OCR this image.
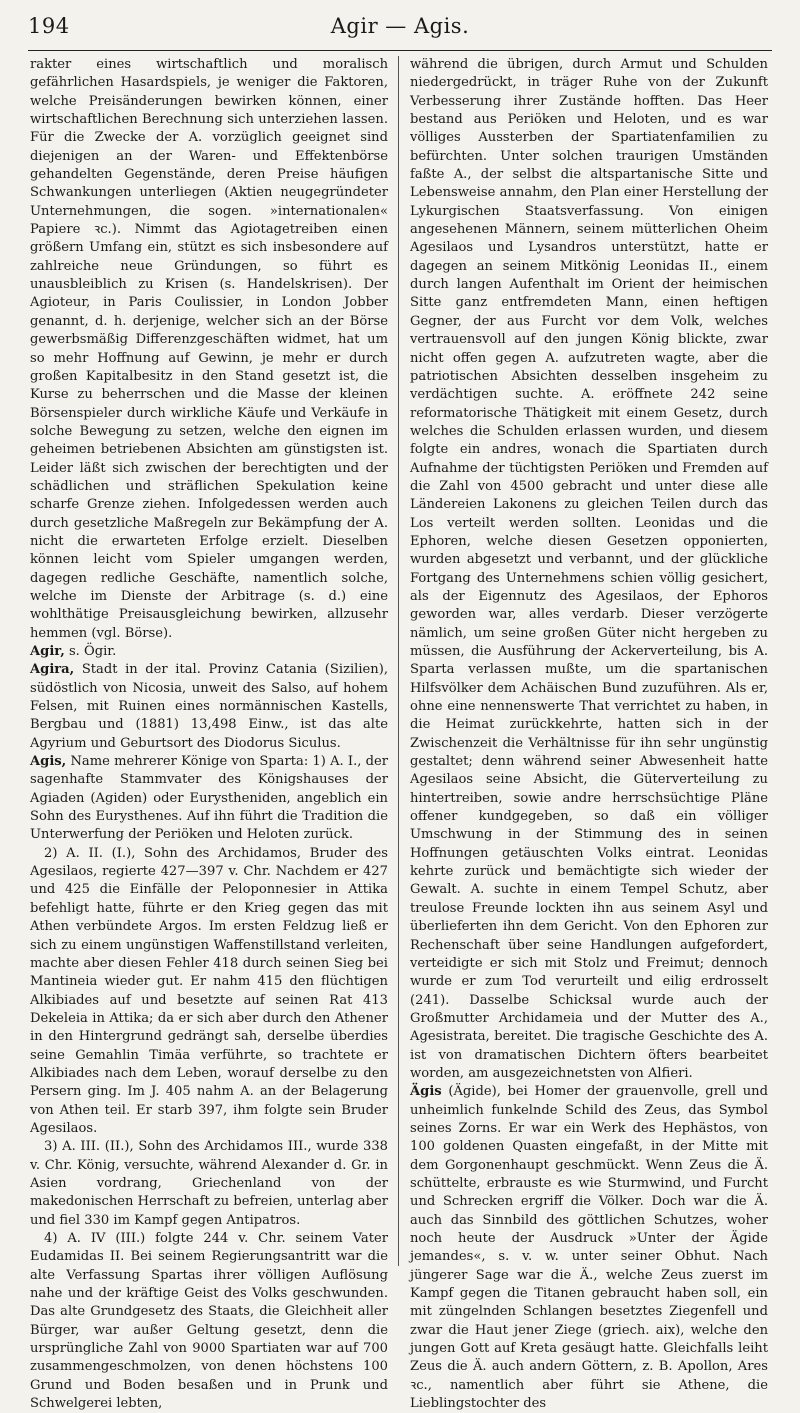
194	Agir — Agis.

rakter eines wirtschaftlich und moralisch gefährlichen Hasardspiels, je weniger die Faktoren, welche Preisänderungen bewirken können, einer wirtschaftlichen Berechnung sich unterziehen lassen. Für die Zwecke der A. vorzüglich geeignet sind diejenigen an der Waren- und Effektenbörse gehandelten Gegenstände, deren Preise häufigen Schwankungen unterliegen (Aktien neugegründeter Unternehmungen, die sogen. »internationalen« Papiere ꝛc.). Nimmt das Agiotagetreiben einen größern Umfang ein, stützt es sich insbesondere auf zahlreiche neue Gründungen, so führt es unausbleiblich zu Krisen (s. Handelskrisen). Der Agioteur, in Paris Coulissier, in London Jobber genannt, d. h. derjenige, welcher sich an der Börse gewerbsmäßig Differenzgeschäften widmet, hat um so mehr Hoffnung auf Gewinn, je mehr er durch großen Kapitalbesitz in den Stand gesetzt ist, die Kurse zu beherrschen und die Masse der kleinen Börsenspieler durch wirkliche Käufe und Verkäufe in solche Bewegung zu setzen, welche den eignen im geheimen betriebenen Absichten am günstigsten ist. Leider läßt sich zwischen der berechtigten und der schädlichen und sträflichen Spekulation keine scharfe Grenze ziehen. Infolgedessen werden auch durch gesetzliche Maßregeln zur Bekämpfung der A. nicht die erwarteten Erfolge erzielt. Dieselben können leicht vom Spieler umgangen werden, dagegen redliche Geschäfte, namentlich solche, welche im Dienste der Arbitrage (s. d.) eine wohlthätige Preisausgleichung bewirken, allzusehr hemmen (vgl. Börse).

Agir, s. Ögir.

Agira, Stadt in der ital. Provinz Catania (Sizilien), südöstlich von Nicosia, unweit des Salso, auf hohem Felsen, mit Ruinen eines normännischen Kastells, Bergbau und (1881) 13,498 Einw., ist das alte Agyrium und Geburtsort des Diodorus Siculus.

Agis, Name mehrerer Könige von Sparta: 1) A. I., der sagenhafte Stammvater des Königshauses der Agiaden (Agiden) oder Eurystheniden, angeblich ein Sohn des Eurysthenes. Auf ihn führt die Tradition die Unterwerfung der Periöken und Heloten zurück.

2) A. II. (I.), Sohn des Archidamos, Bruder des Agesilaos, regierte 427—397 v. Chr. Nachdem er 427 und 425 die Einfälle der Peloponnesier in Attika befehligt hatte, führte er den Krieg gegen das mit Athen verbündete Argos. Im ersten Feldzug ließ er sich zu einem ungünstigen Waffenstillstand verleiten, machte aber diesen Fehler 418 durch seinen Sieg bei Mantineia wieder gut. Er nahm 415 den flüchtigen Alkibiades auf und besetzte auf seinen Rat 413 Dekeleia in Attika; da er sich aber durch den Athener in den Hintergrund gedrängt sah, derselbe überdies seine Gemahlin Timäa verführte, so trachtete er Alkibiades nach dem Leben, worauf derselbe zu den Persern ging. Im J. 405 nahm A. an der Belagerung von Athen teil. Er starb 397, ihm folgte sein Bruder Agesilaos.

3) A. III. (II.), Sohn des Archidamos III., wurde 338 v. Chr. König, versuchte, während Alexander d. Gr. in Asien vordrang, Griechenland von der makedonischen Herrschaft zu befreien, unterlag aber und fiel 330 im Kampf gegen Antipatros.

4) A. IV (III.) folgte 244 v. Chr. seinem Vater Eudamidas II. Bei seinem Regierungsantritt war die alte Verfassung Spartas ihrer völligen Auflösung nahe und der kräftige Geist des Volks geschwunden. Das alte Grundgesetz des Staats, die Gleichheit aller Bürger, war außer Geltung gesetzt, denn die ursprüngliche Zahl von 9000 Spartiaten war auf 700 zusammengeschmolzen, von denen höchstens 100 Grund und Boden besaßen und in Prunk und Schwelgerei lebten,

während die übrigen, durch Armut und Schulden niedergedrückt, in träger Ruhe von der Zukunft Verbesserung ihrer Zustände hofften. Das Heer bestand aus Periöken und Heloten, und es war völliges Aussterben der Spartiatenfamilien zu befürchten. Unter solchen traurigen Umständen faßte A., der selbst die altspartanische Sitte und Lebensweise annahm, den Plan einer Herstellung der Lykurgischen Staatsverfassung. Von einigen angesehenen Männern, seinem mütterlichen Oheim Agesilaos und Lysandros unterstützt, hatte er dagegen an seinem Mitkönig Leonidas II., einem durch langen Aufenthalt im Orient der heimischen Sitte ganz entfremdeten Mann, einen heftigen Gegner, der aus Furcht vor dem Volk, welches vertrauensvoll auf den jungen König blickte, zwar nicht offen gegen A. aufzutreten wagte, aber die patriotischen Absichten desselben insgeheim zu verdächtigen suchte. A. eröffnete 242 seine reformatorische Thätigkeit mit einem Gesetz, durch welches die Schulden erlassen wurden, und diesem folgte ein andres, wonach die Spartiaten durch Aufnahme der tüchtigsten Periöken und Fremden auf die Zahl von 4500 gebracht und unter diese alle Ländereien Lakonens zu gleichen Teilen durch das Los verteilt werden sollten. Leonidas und die Ephoren, welche diesen Gesetzen opponierten, wurden abgesetzt und verbannt, und der glückliche Fortgang des Unternehmens schien völlig gesichert, als der Eigennutz des Agesilaos, der Ephoros geworden war, alles verdarb. Dieser verzögerte nämlich, um seine großen Güter nicht hergeben zu müssen, die Ausführung der Ackerverteilung, bis A. Sparta verlassen mußte, um die spartanischen Hilfsvölker dem Achäischen Bund zuzuführen. Als er, ohne eine nennenswerte That verrichtet zu haben, in die Heimat zurückkehrte, hatten sich in der Zwischenzeit die Verhältnisse für ihn sehr ungünstig gestaltet; denn während seiner Abwesenheit hatte Agesilaos seine Absicht, die Güterverteilung zu hintertreiben, sowie andre herrschsüchtige Pläne offener kundgegeben, so daß ein völliger Umschwung in der Stimmung des in seinen Hoffnungen getäuschten Volks eintrat. Leonidas kehrte zurück und bemächtigte sich wieder der Gewalt. A. suchte in einem Tempel Schutz, aber treulose Freunde lockten ihn aus seinem Asyl und überlieferten ihn dem Gericht. Von den Ephoren zur Rechenschaft über seine Handlungen aufgefordert, verteidigte er sich mit Stolz und Freimut; dennoch wurde er zum Tod verurteilt und eilig erdrosselt (241). Dasselbe Schicksal wurde auch der Großmutter Archidameia und der Mutter des A., Agesistrata, bereitet. Die tragische Geschichte des A. ist von dramatischen Dichtern öfters bearbeitet worden, am ausgezeichnetsten von Alfieri.

Ägis (Ägide), bei Homer der grauenvolle, grell und unheimlich funkelnde Schild des Zeus, das Symbol seines Zorns. Er war ein Werk des Hephästos, von 100 goldenen Quasten eingefaßt, in der Mitte mit dem Gorgonenhaupt geschmückt. Wenn Zeus die Ä. schüttelte, erbrauste es wie Sturmwind, und Furcht und Schrecken ergriff die Völker. Doch war die Ä. auch das Sinnbild des göttlichen Schutzes, woher noch heute der Ausdruck »Unter der Ägide jemandes«, s. v. w. unter seiner Obhut. Nach jüngerer Sage war die Ä., welche Zeus zuerst im Kampf gegen die Titanen gebraucht haben soll, ein mit züngelnden Schlangen besetztes Ziegenfell und zwar die Haut jener Ziege (griech. aix), welche den jungen Gott auf Kreta gesäugt hatte. Gleichfalls leiht Zeus die Ä. auch andern Göttern, z. B. Apollon, Ares ꝛc., namentlich aber führt sie Athene, die Lieblingstochter des
